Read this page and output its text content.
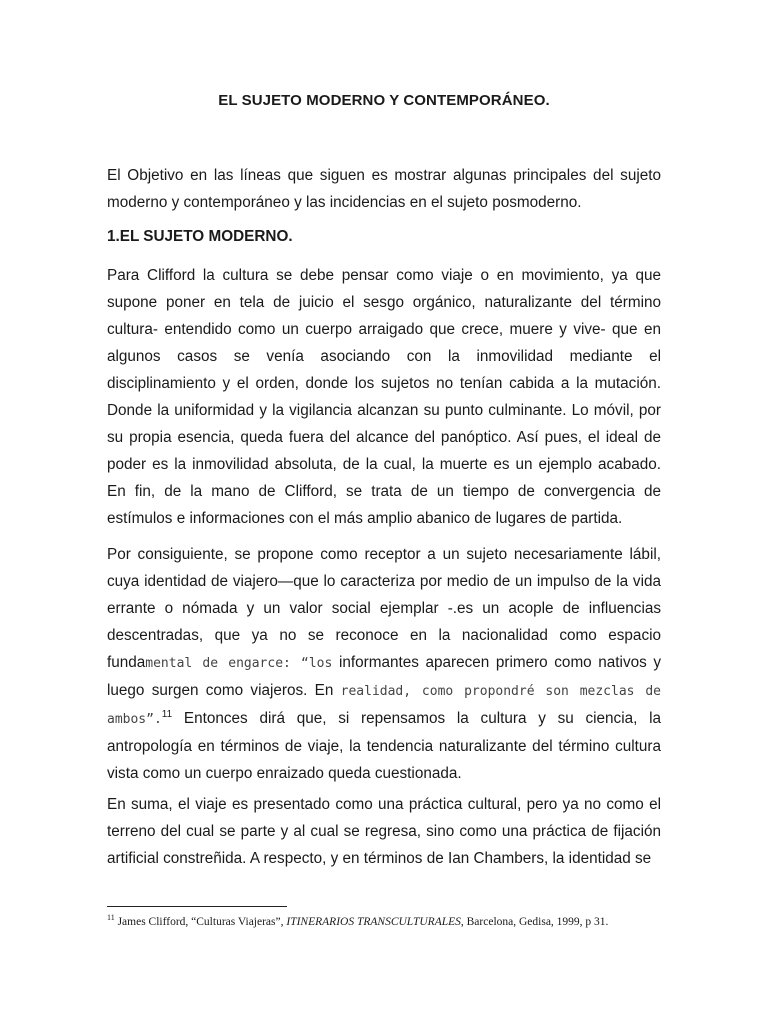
EL SUJETO MODERNO Y CONTEMPORÁNEO.

El Objetivo en las líneas que siguen es mostrar algunas principales del sujeto moderno y contemporáneo y las incidencias en el sujeto posmoderno.

1.EL SUJETO MODERNO.

Para Clifford la cultura se debe pensar como viaje o en movimiento, ya que supone poner en tela de juicio el sesgo orgánico, naturalizante del término cultura- entendido como un cuerpo arraigado que crece, muere y vive- que en algunos casos se venía asociando con la inmovilidad mediante el disciplinamiento y el orden, donde los sujetos no tenían cabida a la mutación. Donde la uniformidad y la vigilancia alcanzan su punto culminante. Lo móvil, por su propia esencia, queda fuera del alcance del panóptico. Así pues, el ideal de poder es la inmovilidad absoluta, de la cual, la muerte es un ejemplo acabado. En fin, de la mano de Clifford, se trata de un tiempo de convergencia de estímulos e informaciones con el más amplio abanico de lugares de partida.

Por consiguiente, se propone como receptor a un sujeto necesariamente lábil, cuya identidad de viajero—que lo caracteriza por medio de un impulso de la vida errante o nómada y un valor social ejemplar -.es un acople de influencias descentradas, que ya no se reconoce en la nacionalidad como espacio fundamental de engarce: “los informantes aparecen primero como nativos y luego surgen como viajeros. En realidad, como propondré son mezclas de ambos”.$^{11}$ Entonces dirá que, si repensamos la cultura y su ciencia, la antropología en términos de viaje, la tendencia naturalizante del término cultura vista como un cuerpo enraizado queda cuestionada.

En suma, el viaje es presentado como una práctica cultural, pero ya no como el terreno del cual se parte y al cual se regresa, sino como una práctica de fijación artificial constreñida. A respecto, y en términos de Ian Chambers, la identidad se

$^{11}$ James Clifford, “Culturas Viajeras”, ITINERARIOS TRANSCULTURALES, Barcelona, Gedisa, 1999, p 31.
